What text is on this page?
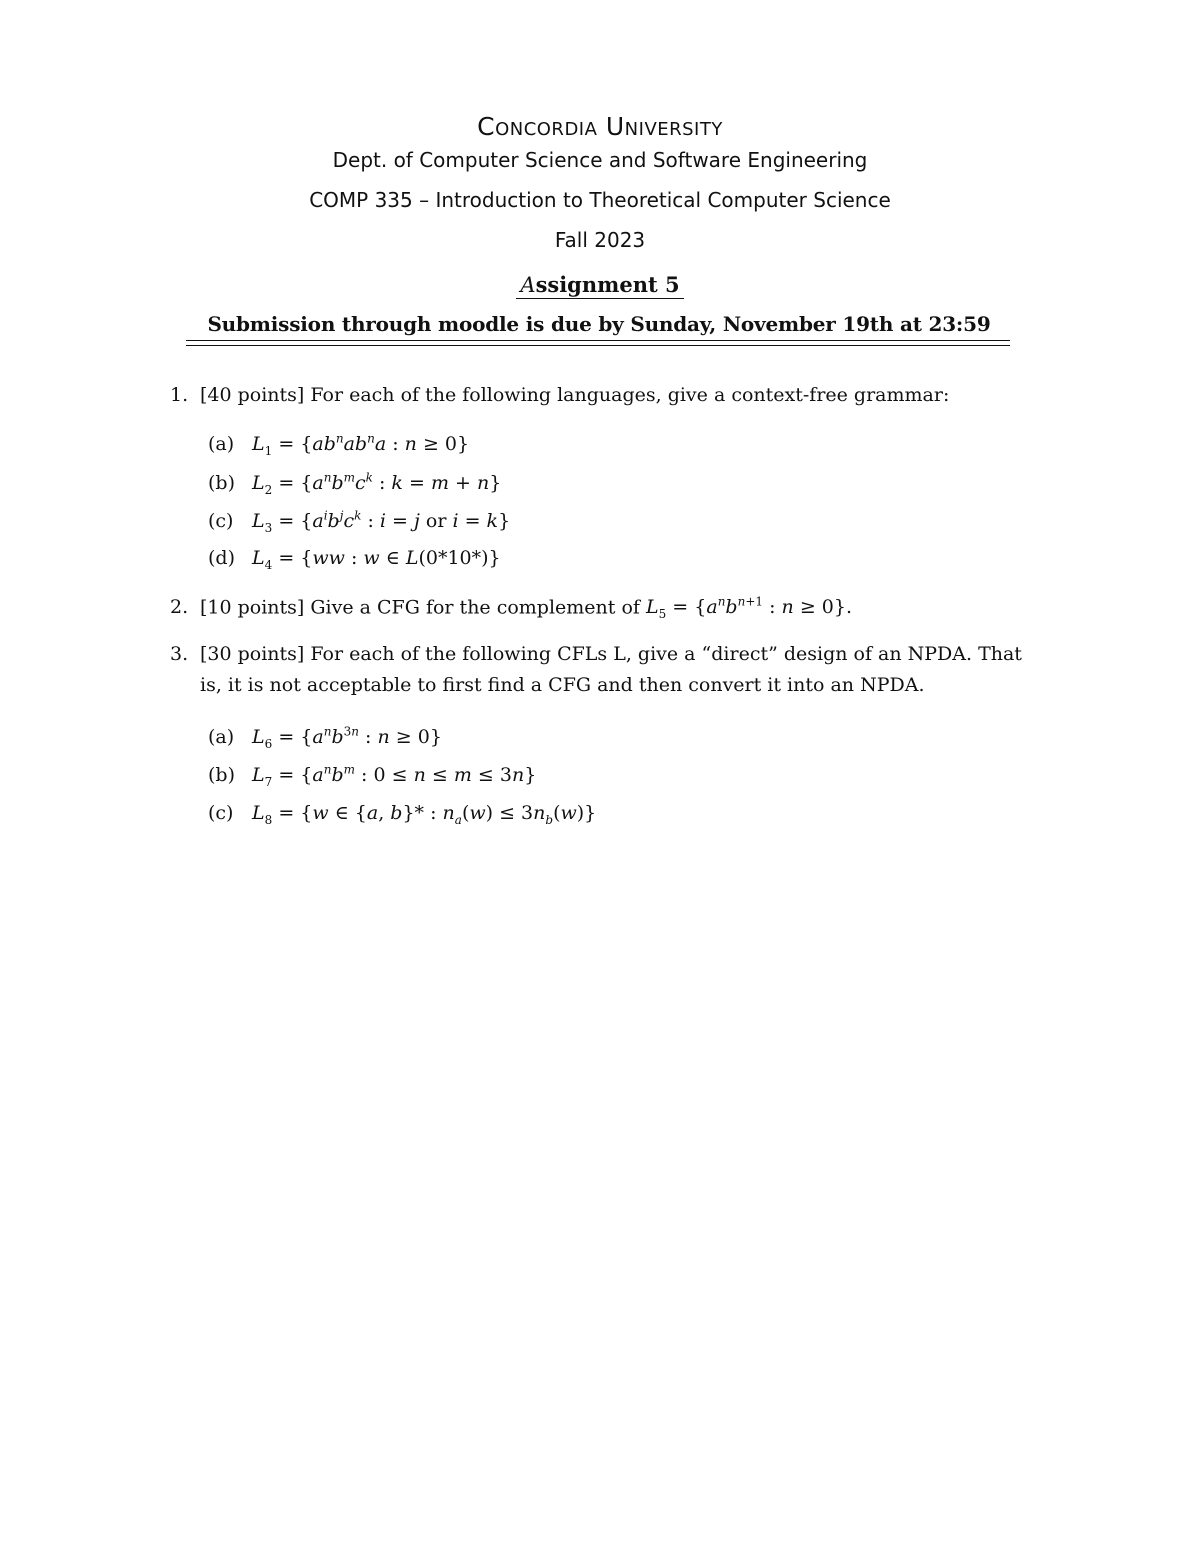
Concordia University
Dept. of Computer Science and Software Engineering
COMP 335 – Introduction to Theoretical Computer Science
Fall 2023
Assignment 5
Submission through moodle is due by Sunday, November 19th at 23:59
1. [40 points] For each of the following languages, give a context-free grammar:
(a) $L_1 = \{ab^nab^na$ : n ≥ 0}
(b) $L_2 = \{a^nb^mc^k$ : k = m + n}
(c) $L_3 = \{a^ib^jc^k$ : i = j or i = k}
(d) $L_4 = \{ww$ : w ∈ L(0*10*)}
2. [10 points] Give a CFG for the complement of $L_5 = \{a^nb^{n+1}$ : n ≥ 0}.
3. [30 points] For each of the following CFLs L, give a “direct” design of an NPDA. That
is, it is not acceptable to first find a CFG and then convert it into an NPDA.
(a) $L_6 = \{a^nb^{3n}$ : n ≥ 0}
(b) $L_7 = \{a^nb^m$ : 0 ≤ n ≤ m ≤ 3n}
(c) $L_8 = \{w$ ∈ {a, b}* : $n_a(w) \le 3n_b(w)$}
